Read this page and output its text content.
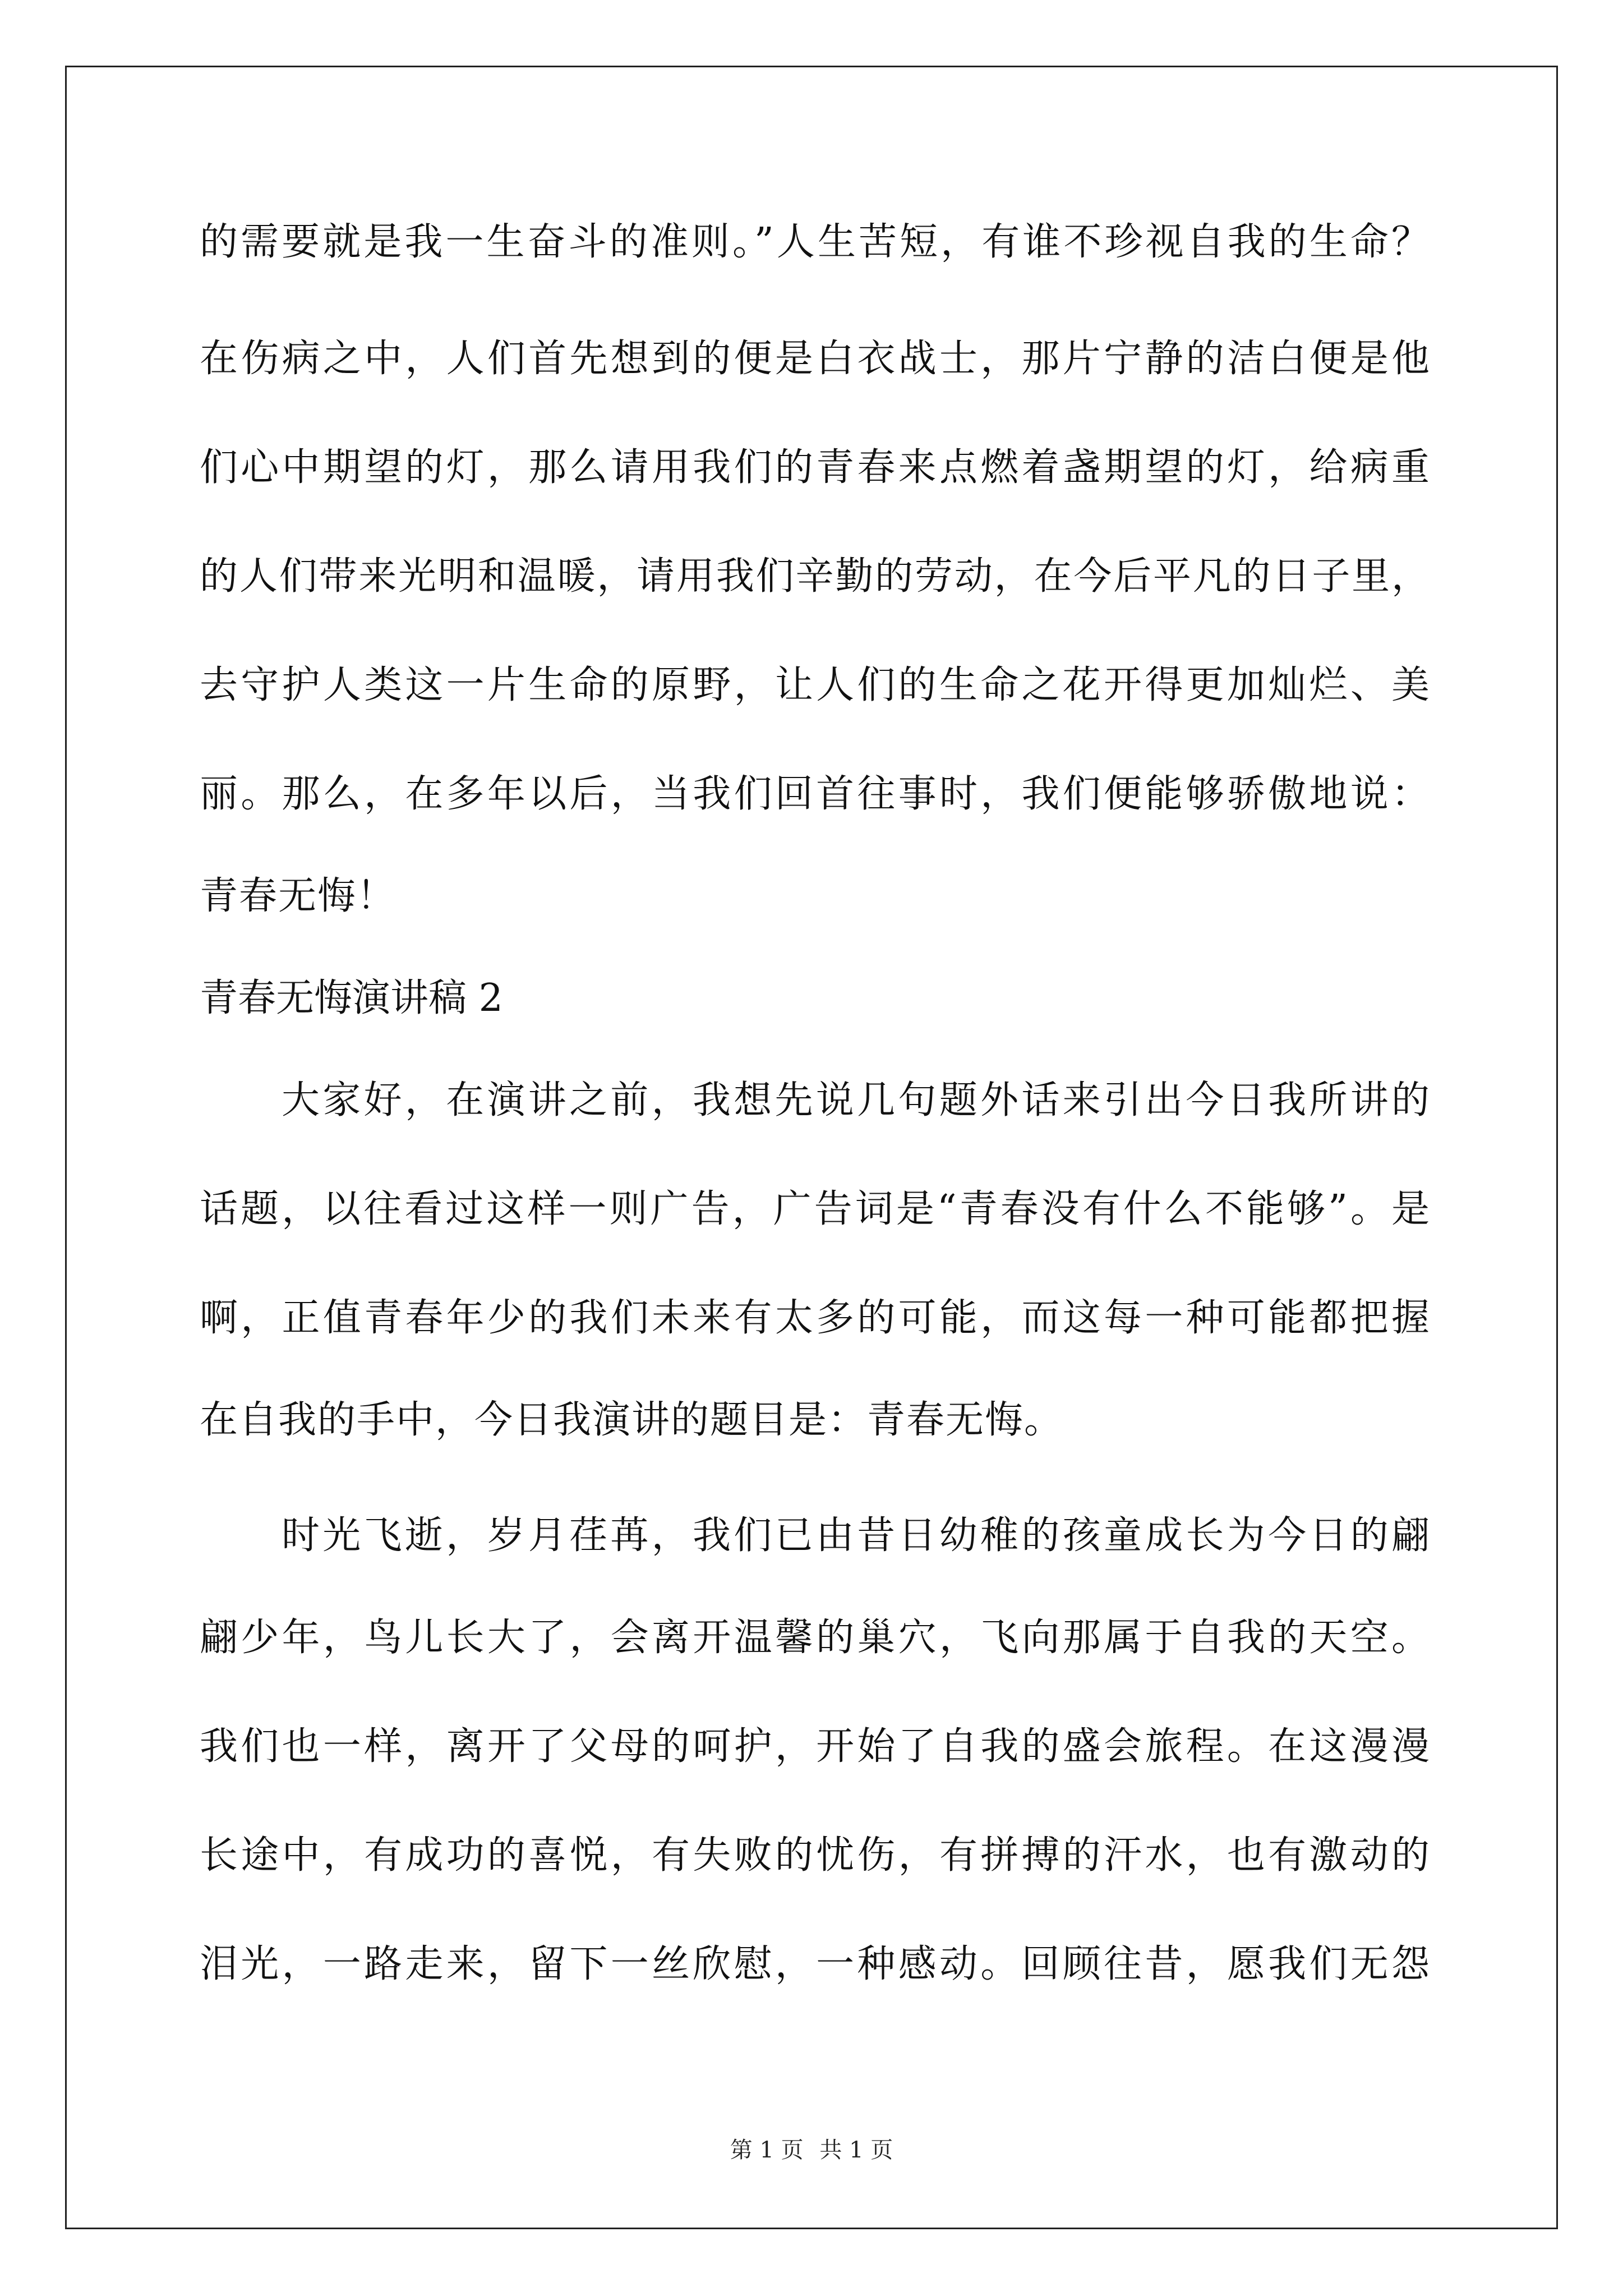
的需要就是我一生奋斗的准则。”人生苦短，有谁不珍视自我的生命？
在伤病之中，人们首先想到的便是白衣战士，那片宁静的洁白便是他
们心中期望的灯，那么请用我们的青春来点燃着盏期望的灯，给病重
的人们带来光明和温暖，请用我们辛勤的劳动，在今后平凡的日子里，
去守护人类这一片生命的原野，让人们的生命之花开得更加灿烂、美
丽。那么，在多年以后，当我们回首往事时，我们便能够骄傲地说：
青春无悔！
青春无悔演讲稿 2
大家好，在演讲之前，我想先说几句题外话来引出今日我所讲的
话题，以往看过这样一则广告，广告词是“青春没有什么不能够”。是
啊，正值青春年少的我们未来有太多的可能，而这每一种可能都把握
在自我的手中，今日我演讲的题目是：青春无悔。
时光飞逝，岁月荏苒，我们已由昔日幼稚的孩童成长为今日的翩
翩少年，鸟儿长大了，会离开温馨的巢穴，飞向那属于自我的天空。
我们也一样，离开了父母的呵护，开始了自我的盛会旅程。在这漫漫
长途中，有成功的喜悦，有失败的忧伤，有拼搏的汗水，也有激动的
泪光，一路走来，留下一丝欣慰，一种感动。回顾往昔，愿我们无怨
第 1 页 共 1 页
